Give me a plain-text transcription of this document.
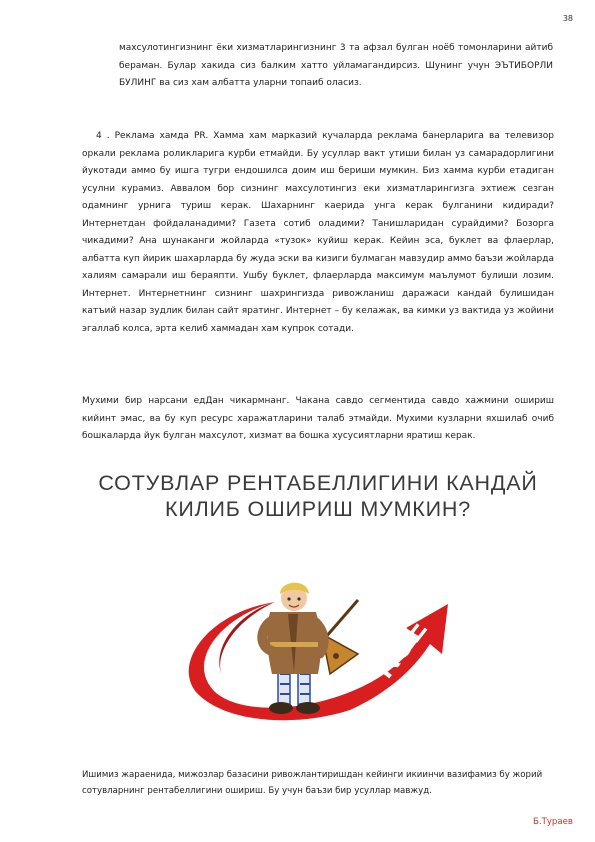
38

махсулотингизнинг ёки хизматларингизнинг 3 та афзал булган ноёб томонларини айтиб бераман. Булар хакида сиз балким хатто уйламагандирсиз. Шунинг учун ЭЪТИБОРЛИ БУЛИНГ ва сиз хам албатта уларни топаиб оласиз.

4 . Реклама хамда PR. Хамма хам марказий кучаларда реклама банерларига ва телевизор оркали реклама роликларига курби етмайди. Бу усуллар вакт утиши билан уз самарадорлигини йукотади аммо бу ишга тугри ендошилса доим иш бериши мумкин. Биз хамма курби етадиган усулни курамиз. Аввалом бор сизнинг махсулотингиз еки хизматларингизга эхтиеж сезган одамнинг урнига туриш керак. Шахарнинг каерида унга керак булганини кидиради? Интернетдан фойдаланадими? Газета сотиб оладими? Танишларидан сурайдими? Бозорга чикадими? Ана шунаканги жойларда «тузок» куйиш керак. Кейин эса, буклет ва флаерлар, албатта куп йирик шахарларда бу жуда эски ва кизиги булмаган мавзудир аммо баъзи жойларда халиям самарали иш бераяпти. Ушбу буклет, флаерларда максимум маълумот булиши лозим. Интернет. Интернетнинг сизнинг шахрингизда ривожланиш даражаси кандай булишидан катъий назар зудлик билан сайт яратинг. Интернет – бу келажак, ва кимки уз вактида уз жойини эгаллаб колса, эрта келиб хаммадан хам купрок сотади.

Мухими бир нарсани едДан чикармнанг. Чакана савдо сегментида савдо хажмини ошириш кийинт эмас, ва бу куп ресурс харажатларини талаб этмайди. Мухими кузларни яхшилаб очиб бошкаларда йук булган махсулот, хизмат ва бошка хусусиятларни яратиш керак.

СОТУВЛАР РЕНТАБЕЛЛИГИНИ КАНДАЙ КИЛИБ ОШИРИШ МУМКИН?
ROE

Ишимиз жараенида, мижозлар базасини ривожлантиришдан кейинги икиинчи вазифамиз бу жорий сотувларнинг рентабеллигини ошириш. Бу учун баъзи бир усуллар мавжуд.

Б.Тураев
